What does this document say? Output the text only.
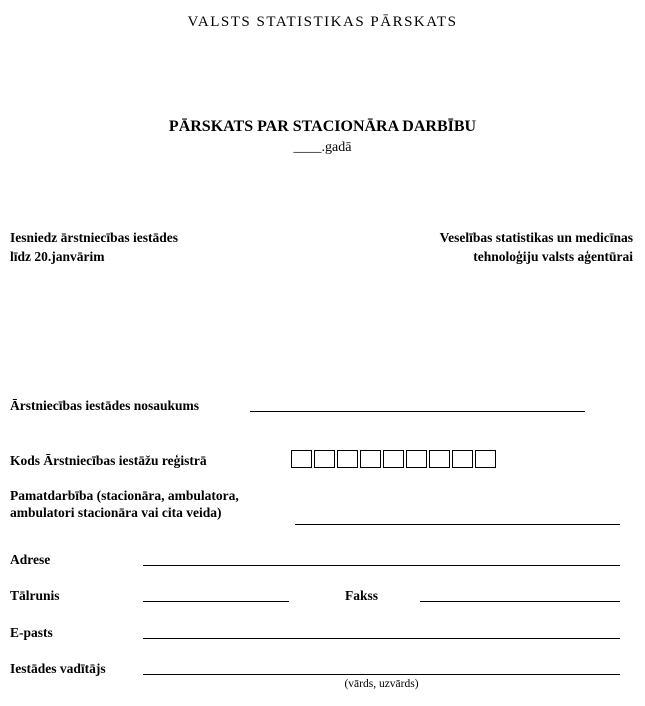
VALSTS STATISTIKAS PĀRSKATS
PĀRSKATS PAR STACIONĀRA DARBĪBU
____.gadā
Iesniedz ārstniecības iestādes
līdz 20.janvārim
Veselības statistikas un medicīnas
tehnoloģiju valsts aģentūrai
Ārstniecības iestādes nosaukums
Kods Ārstniecības iestāžu reģistrā
Pamatdarbība (stacionāra, ambulatora,
ambulatori stacionāra vai cita veida)
Adrese
Tālrunis	Fakss
E-pasts
Iestādes vadītājs
(vārds, uzvārds)
